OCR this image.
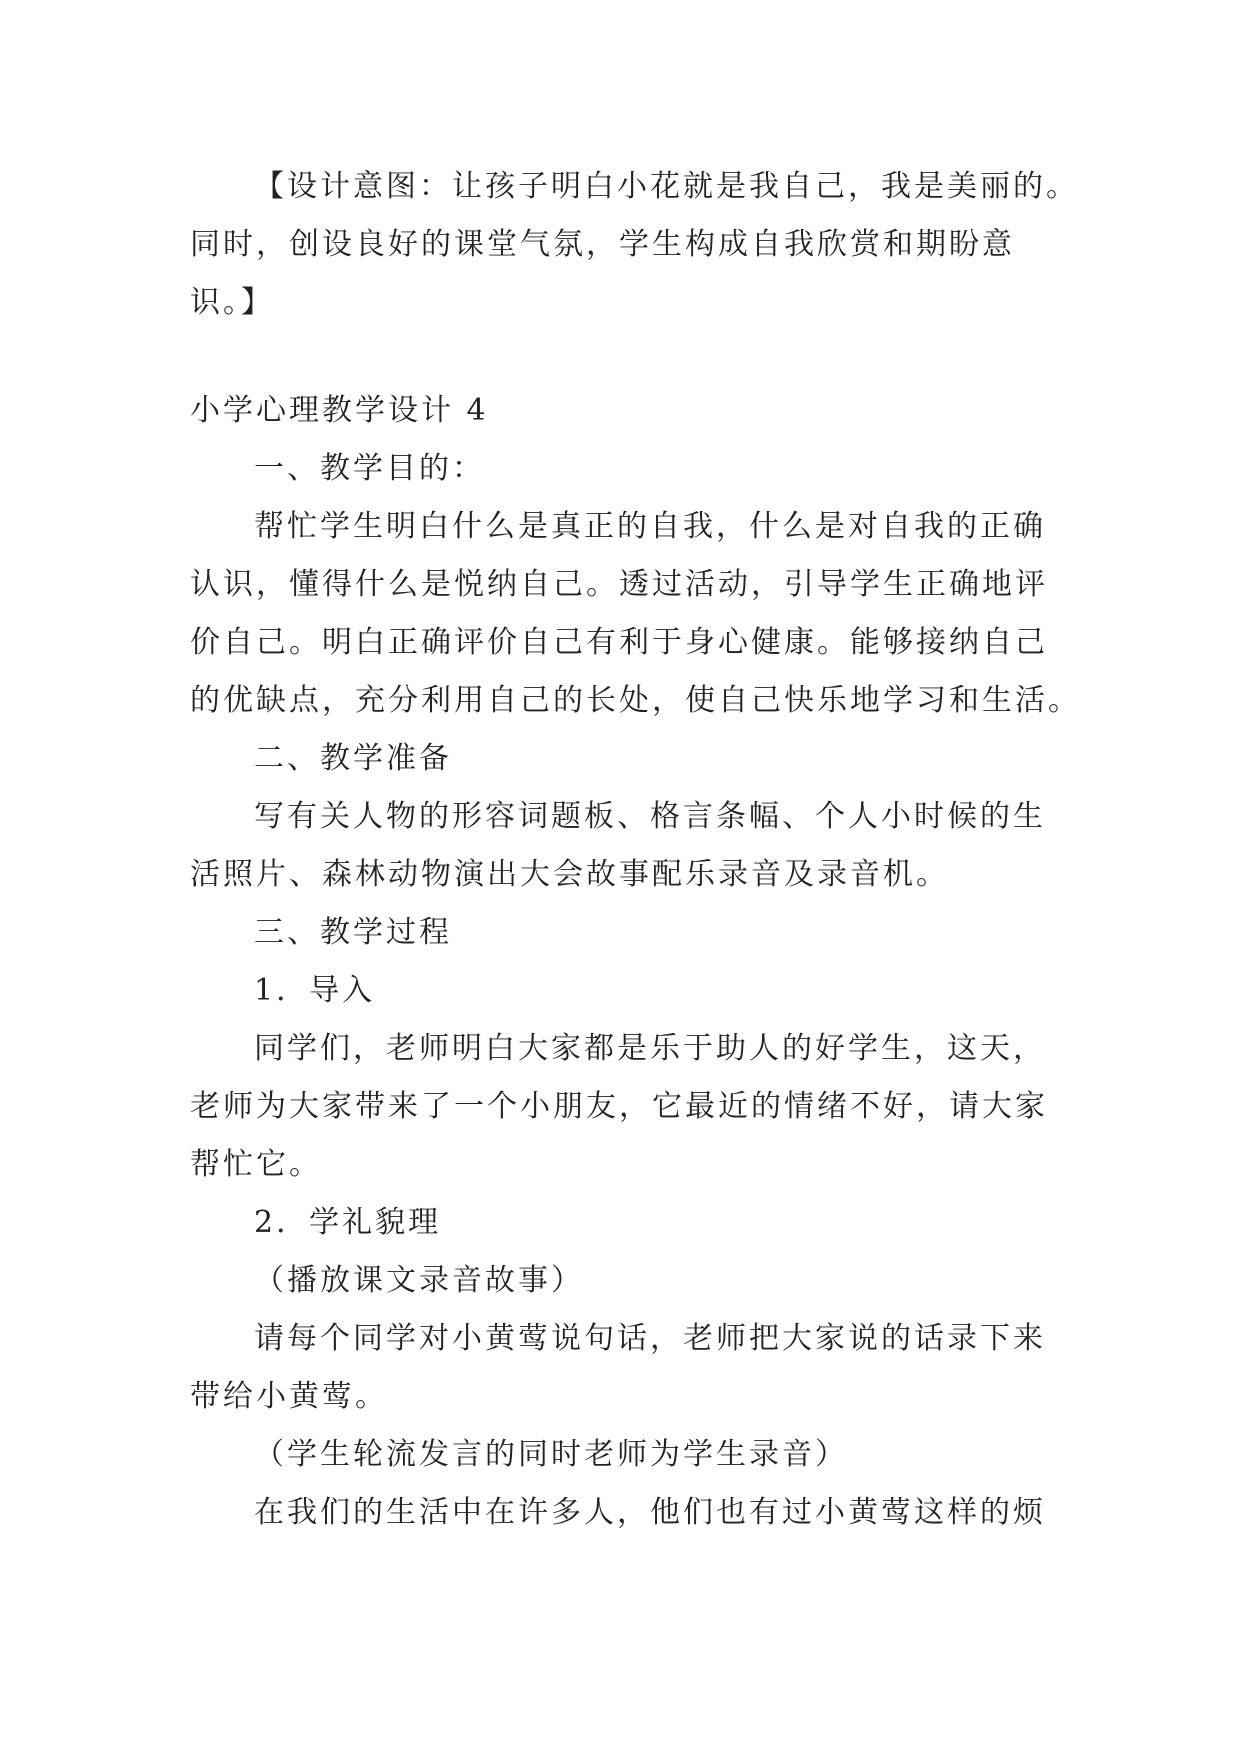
【设计意图：让孩子明白小花就是我自己，我是美丽的。

同时，创设良好的课堂气氛，学生构成自我欣赏和期盼意

识。】

小学心理教学设计 4

一、教学目的：

帮忙学生明白什么是真正的自我，什么是对自我的正确

认识，懂得什么是悦纳自己。透过活动，引导学生正确地评

价自己。明白正确评价自己有利于身心健康。能够接纳自己

的优缺点，充分利用自己的长处，使自己快乐地学习和生活。

二、教学准备

写有关人物的形容词题板、格言条幅、个人小时候的生

活照片、森林动物演出大会故事配乐录音及录音机。

三、教学过程

1．导入

同学们，老师明白大家都是乐于助人的好学生，这天，

老师为大家带来了一个小朋友，它最近的情绪不好，请大家

帮忙它。

2．学礼貌理

（播放课文录音故事）

请每个同学对小黄莺说句话，老师把大家说的话录下来

带给小黄莺。

（学生轮流发言的同时老师为学生录音）

在我们的生活中在许多人，他们也有过小黄莺这样的烦
